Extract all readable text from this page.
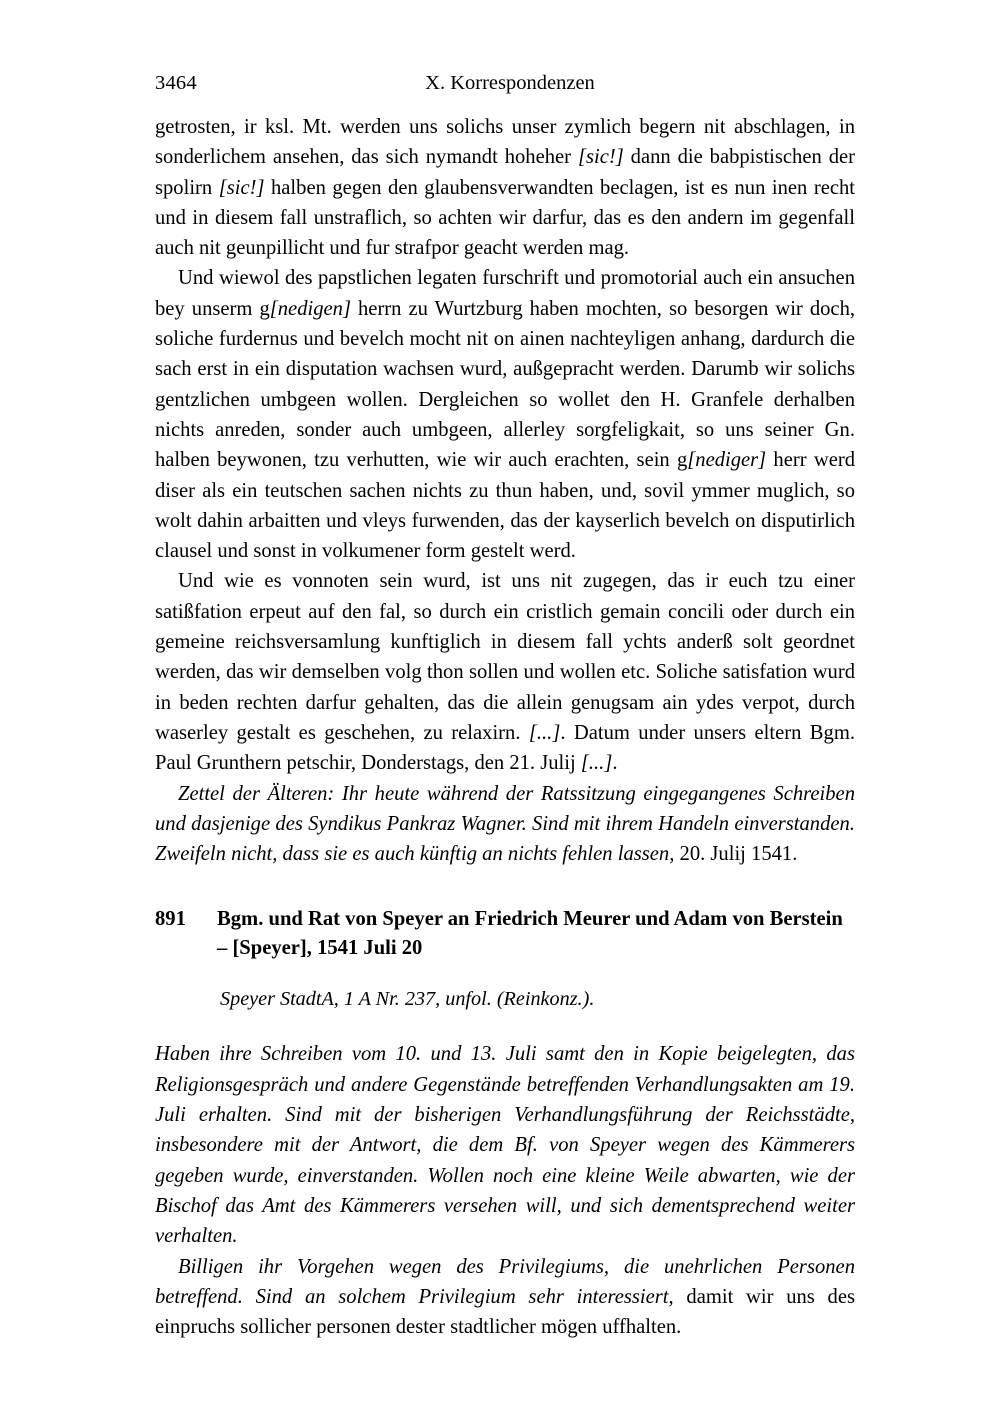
3464	X. Korrespondenzen

getrosten, ir ksl. Mt. werden uns solichs unser zymlich begern nit abschlagen, in sonderlichem ansehen, das sich nymandt hoheher [sic!] dann die babpistischen der spolirn [sic!] halben gegen den glaubensverwandten beclagen, ist es nun inen recht und in diesem fall unstraflich, so achten wir darfur, das es den andern im gegenfall auch nit geunpillicht und fur strafpor geacht werden mag.

Und wiewol des papstlichen legaten furschrift und promotorial auch ein ansuchen bey unserm g[nedigen] herrn zu Wurtzburg haben mochten, so besorgen wir doch, soliche furdernus und bevelch mocht nit on ainen nachteyligen anhang, dardurch die sach erst in ein disputation wachsen wurd, außgepracht werden. Darumb wir solichs gentzlichen umbgeen wollen. Dergleichen so wollet den H. Granfele derhalben nichts anreden, sonder auch umbgeen, allerley sorgfeligkait, so uns seiner Gn. halben beywonen, tzu verhutten, wie wir auch erachten, sein g[nediger] herr werd diser als ein teutschen sachen nichts zu thun haben, und, sovil ymmer muglich, so wolt dahin arbaitten und vleys furwenden, das der kayserlich bevelch on disputirlich clausel und sonst in volkumener form gestelt werd.

Und wie es vonnoten sein wurd, ist uns nit zugegen, das ir euch tzu einer satißfation erpeut auf den fal, so durch ein cristlich gemain concili oder durch ein gemeine reichsversamlung kunftiglich in diesem fall ychts anderß solt geordnet werden, das wir demselben volg thon sollen und wollen etc. Soliche satisfation wurd in beden rechten darfur gehalten, das die allein genugsam ain ydes verpot, durch waserley gestalt es geschehen, zu relaxirn. [...]. Datum under unsers eltern Bgm. Paul Grunthern petschir, Donderstags, den 21. Julij [...].

Zettel der Älteren: Ihr heute während der Ratssitzung eingegangenes Schreiben und dasjenige des Syndikus Pankraz Wagner. Sind mit ihrem Handeln einverstanden. Zweifeln nicht, dass sie es auch künftig an nichts fehlen lassen, 20. Julij 1541.

891	Bgm. und Rat von Speyer an Friedrich Meurer und Adam von Berstein
– [Speyer], 1541 Juli 20
Speyer StadtA, 1 A Nr. 237, unfol. (Reinkonz.).

Haben ihre Schreiben vom 10. und 13. Juli samt den in Kopie beigelegten, das Religionsgespräch und andere Gegenstände betreffenden Verhandlungsakten am 19. Juli erhalten. Sind mit der bisherigen Verhandlungsführung der Reichsstädte, insbesondere mit der Antwort, die dem Bf. von Speyer wegen des Kämmerers gegeben wurde, einverstanden. Wollen noch eine kleine Weile abwarten, wie der Bischof das Amt des Kämmerers versehen will, und sich dementsprechend weiter verhalten.

Billigen ihr Vorgehen wegen des Privilegiums, die unehrlichen Personen betreffend. Sind an solchem Privilegium sehr interessiert, damit wir uns des einpruchs sollicher personen dester stadtlicher mögen uffhalten.
